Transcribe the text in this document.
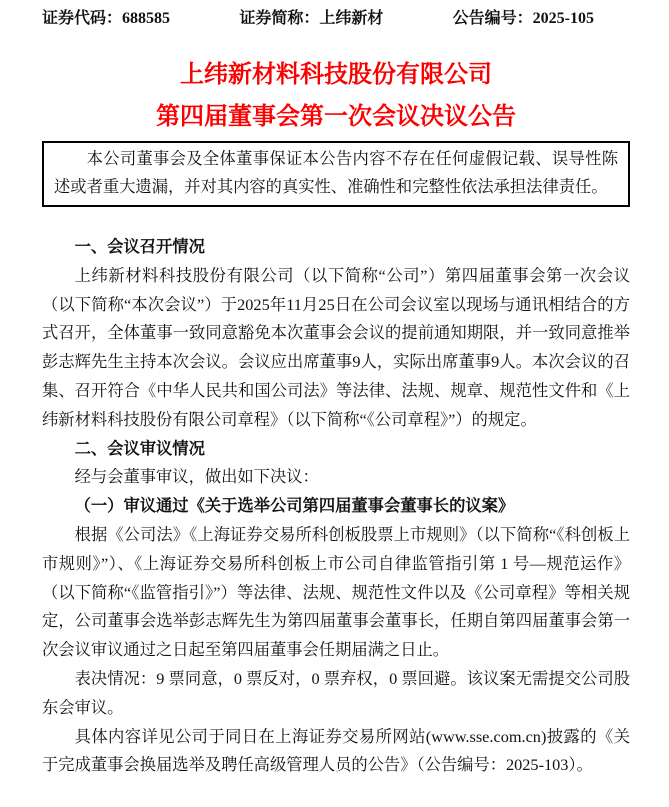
证券代码：688585	证券简称：上纬新材	公告编号：2025-105
上纬新材料科技股份有限公司
第四届董事会第一次会议决议公告
本公司董事会及全体董事保证本公告内容不存在任何虚假记载、误导性陈述或者重大遗漏，并对其内容的真实性、准确性和完整性依法承担法律责任。

一、会议召开情况

上纬新材料科技股份有限公司（以下简称“公司”）第四届董事会第一次会议（以下简称“本次会议”）于2025年11月25日在公司会议室以现场与通讯相结合的方式召开，全体董事一致同意豁免本次董事会会议的提前通知期限，并一致同意推举彭志辉先生主持本次会议。会议应出席董事9人，实际出席董事9人。本次会议的召集、召开符合《中华人民共和国公司法》等法律、法规、规章、规范性文件和《上纬新材料科技股份有限公司章程》（以下简称“《公司章程》”）的规定。

二、会议审议情况

经与会董事审议，做出如下决议：

（一）审议通过《关于选举公司第四届董事会董事长的议案》

根据《公司法》《上海证券交易所科创板股票上市规则》（以下简称“《科创板上市规则》”）、《上海证券交易所科创板上市公司自律监管指引第 1 号—规范运作》（以下简称“《监管指引》”）等法律、法规、规范性文件以及《公司章程》等相关规定，公司董事会选举彭志辉先生为第四届董事会董事长，任期自第四届董事会第一次会议审议通过之日起至第四届董事会任期届满之日止。

表决情况：9 票同意，0 票反对，0 票弃权，0 票回避。该议案无需提交公司股东会审议。

具体内容详见公司于同日在上海证券交易所网站(www.sse.com.cn)披露的《关于完成董事会换届选举及聘任高级管理人员的公告》（公告编号：2025-103）。
